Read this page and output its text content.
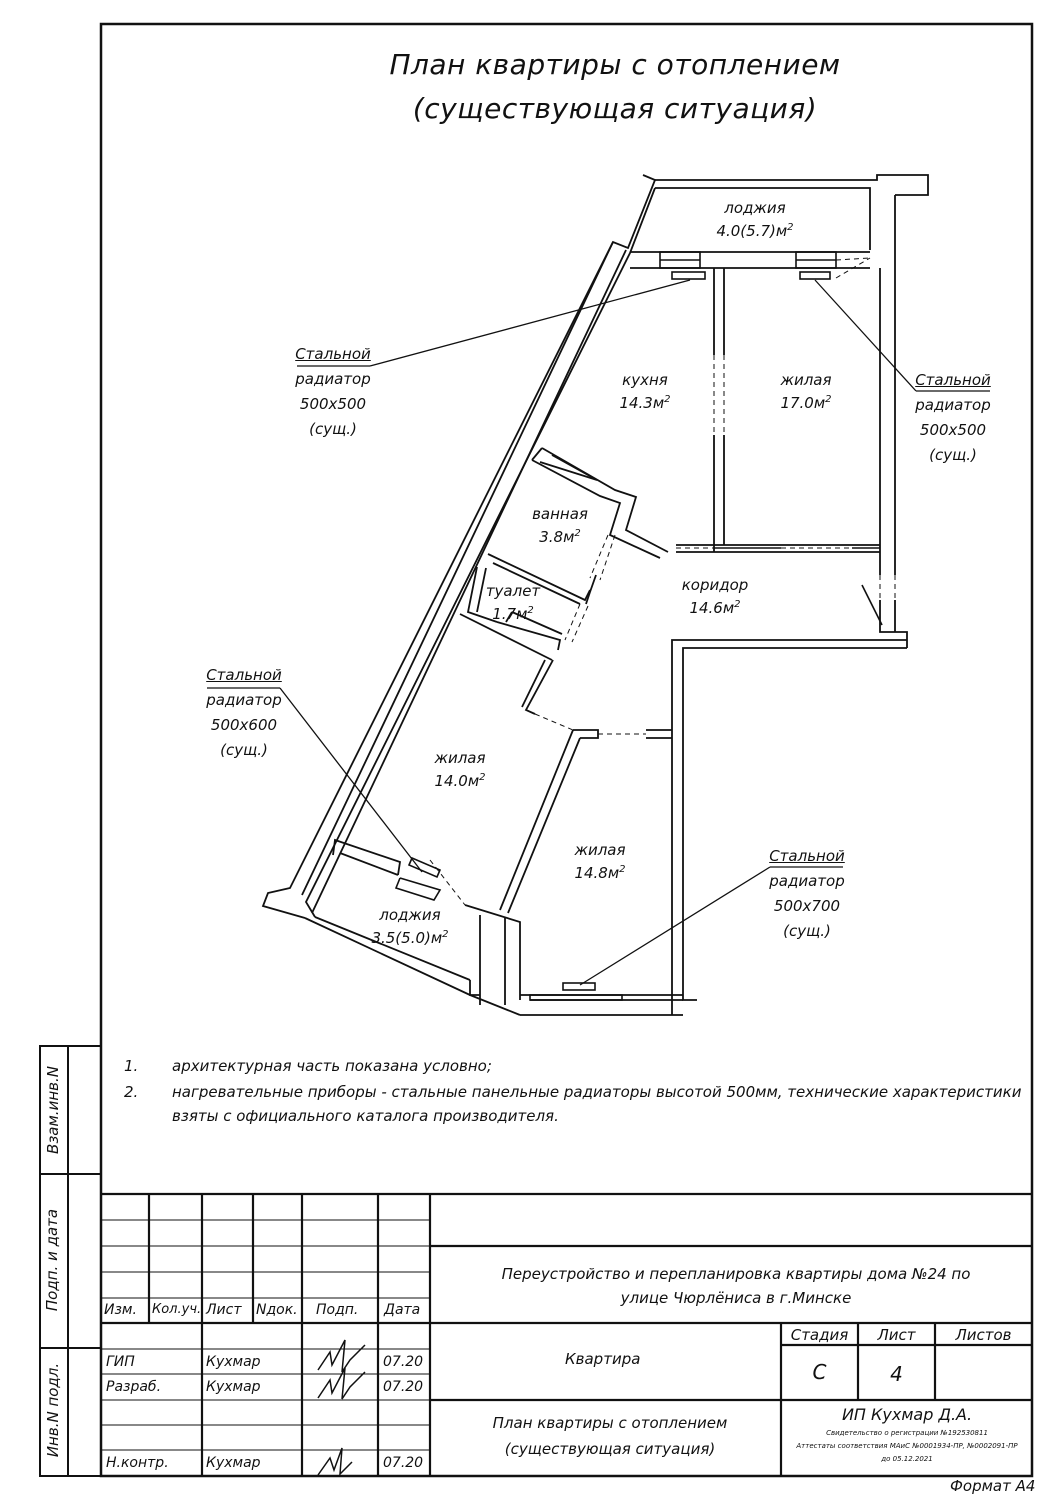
План квартиры с отоплением
(существующая ситуация)
лоджия
$4.0(5.7)м^2$
кухня
$14.3м^2$
жилая
$17.0м^2$
ванная
$3.8м^2$
туалет
$1.7м^2$
коридор
$14.6м^2$
жилая
$14.0м^2$
жилая
$14.8м^2$
лоджия
$3.5(5.0)м^2$
Стальной
радиатор
500х500
(сущ.)
Стальной
радиатор
500х500
(сущ.)
Стальной
радиатор
500х600
(сущ.)
Стальной
радиатор
500х700
(сущ.)
1. архитектурная часть показана условно;
2. нагревательные приборы - стальные панельные радиаторы высотой 500мм, технические характеристики
взяты с официального каталога производителя.
Взам.инв.N
Подп. и дата
Инв.N подл.
Изм. Кол.уч. Лист Nдок. Подп. Дата
ГИП	Кухмар	07.20
Разраб.	Кухмар	07.20
Н.контр.	Кухмар	07.20
Переустройство и перепланировка квартиры дома №24 по
улице Чюрлёниса в г.Минске
Квартира
Стадия	Лист	Листов
С	4
План квартиры с отоплением
(существующая ситуация)
ИП Кухмар Д.А.
Свидетельство о регистрации №192530811
Аттестаты соответствия МАиС №0001934-ПР, №0002091-ПР
до 05.12.2021
Формат А4
